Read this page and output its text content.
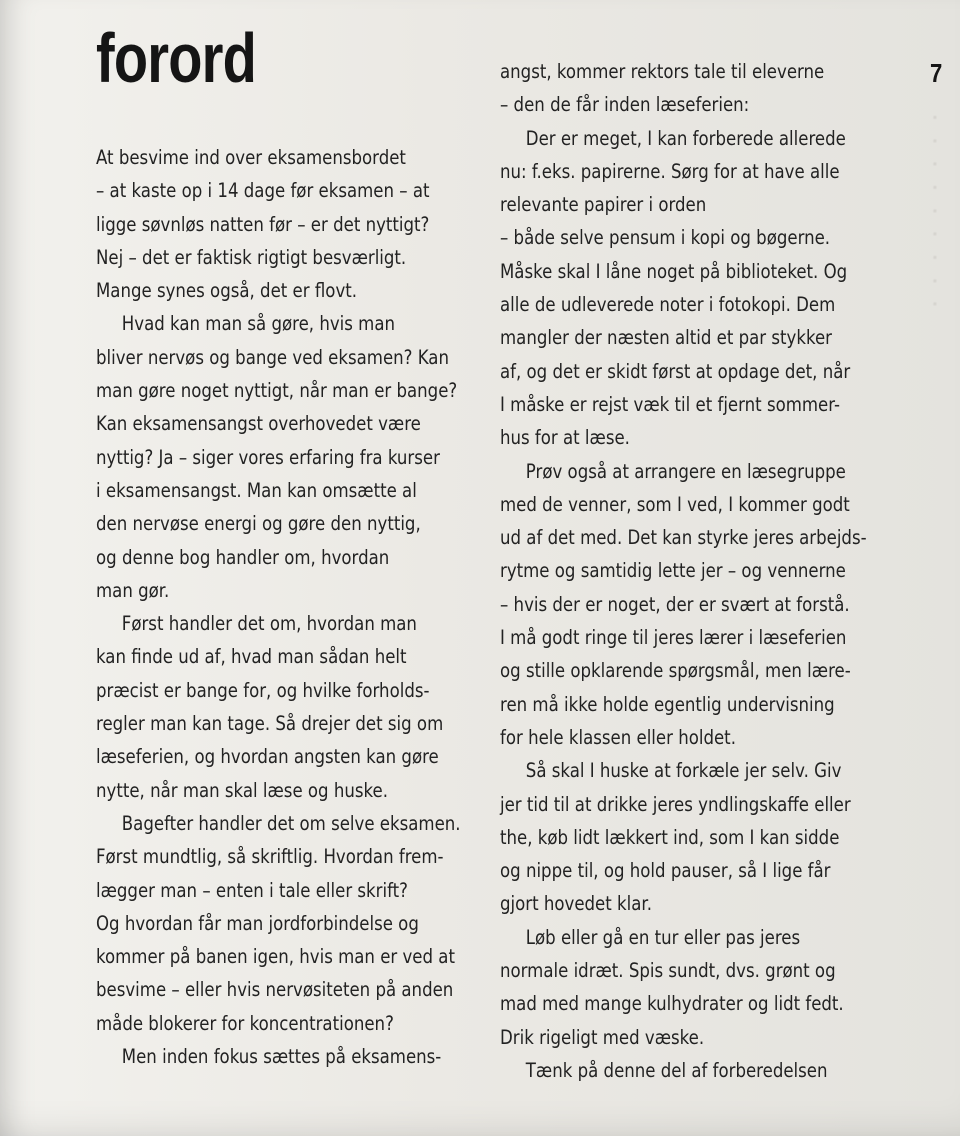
▪ ▪ ▪ ▪ ▪ ▪ ▪ ▪ ▪
forord	7
At besvime ind over eksamensbordet
– at kaste op i 14 dage før eksamen – at
ligge søvnløs natten før – er det nyttigt?
Nej – det er faktisk rigtigt besværligt.
Mange synes også, det er flovt.
Hvad kan man så gøre, hvis man
bliver nervøs og bange ved eksamen? Kan
man gøre noget nyttigt, når man er bange?
Kan eksamensangst overhovedet være
nyttig? Ja – siger vores erfaring fra kurser
i eksamensangst. Man kan omsætte al
den nervøse energi og gøre den nyttig,
og denne bog handler om, hvordan
man gør.
Først handler det om, hvordan man
kan finde ud af, hvad man sådan helt
præcist er bange for, og hvilke forholds-
regler man kan tage. Så drejer det sig om
læseferien, og hvordan angsten kan gøre
nytte, når man skal læse og huske.
Bagefter handler det om selve eksamen.
Først mundtlig, så skriftlig. Hvordan frem-
lægger man – enten i tale eller skrift?
Og hvordan får man jordforbindelse og
kommer på banen igen, hvis man er ved at
besvime – eller hvis nervøsiteten på anden
måde blokerer for koncentrationen?
Men inden fokus sættes på eksamens-
angst, kommer rektors tale til eleverne
– den de får inden læseferien:
Der er meget, I kan forberede allerede
nu: f.eks. papirerne. Sørg for at have alle
relevante papirer i orden
– både selve pensum i kopi og bøgerne.
Måske skal I låne noget på biblioteket. Og
alle de udleverede noter i fotokopi. Dem
mangler der næsten altid et par stykker
af, og det er skidt først at opdage det, når
I måske er rejst væk til et fjernt sommer-
hus for at læse.
Prøv også at arrangere en læsegruppe
med de venner, som I ved, I kommer godt
ud af det med. Det kan styrke jeres arbejds-
rytme og samtidig lette jer – og vennerne
– hvis der er noget, der er svært at forstå.
I må godt ringe til jeres lærer i læseferien
og stille opklarende spørgsmål, men lære-
ren må ikke holde egentlig undervisning
for hele klassen eller holdet.
Så skal I huske at forkæle jer selv. Giv
jer tid til at drikke jeres yndlingskaffe eller
the, køb lidt lækkert ind, som I kan sidde
og nippe til, og hold pauser, så I lige får
gjort hovedet klar.
Løb eller gå en tur eller pas jeres
normale idræt. Spis sundt, dvs. grønt og
mad med mange kulhydrater og lidt fedt.
Drik rigeligt med væske.
Tænk på denne del af forberedelsen
